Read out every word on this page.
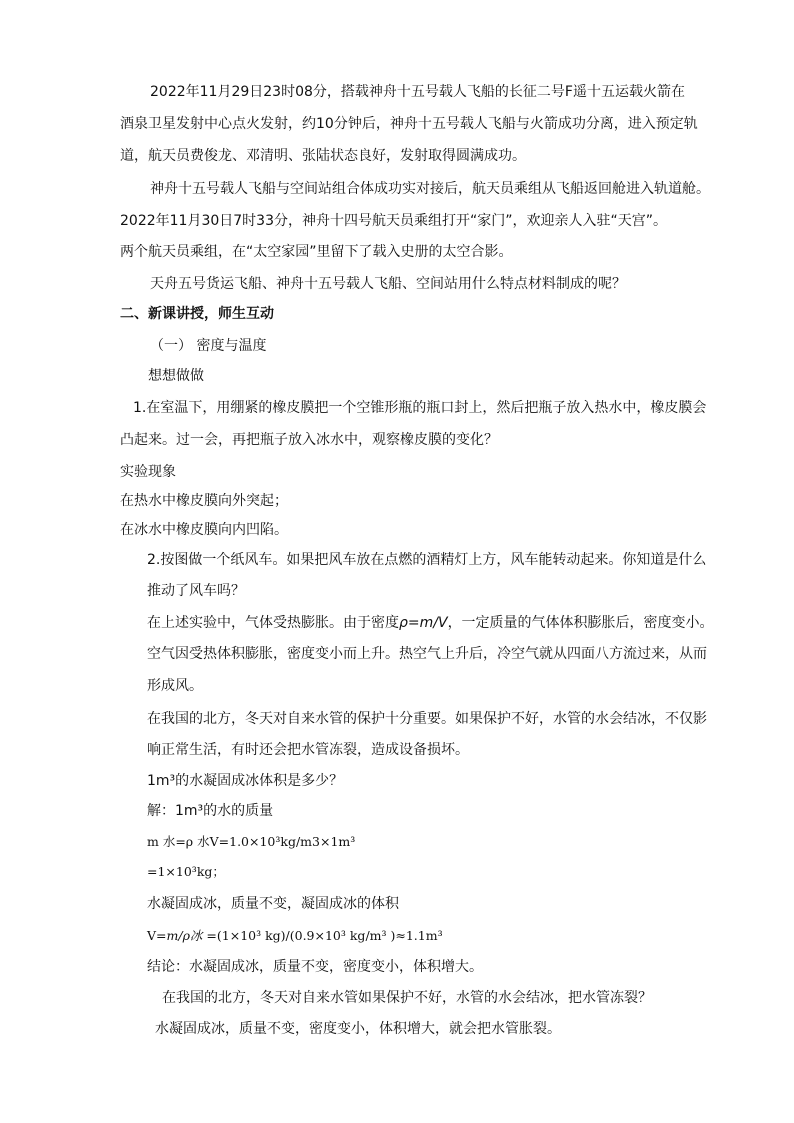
2022年11月29日23时08分，搭载神舟十五号载人飞船的长征二号F遥十五运载火箭在

酒泉卫星发射中心点火发射，约10分钟后，神舟十五号载人飞船与火箭成功分离，进入预定轨

道，航天员费俊龙、邓清明、张陆状态良好，发射取得圆满成功。

神舟十五号载人飞船与空间站组合体成功实对接后，航天员乘组从飞船返回舱进入轨道舱。

2022年11月30日7时33分，神舟十四号航天员乘组打开“家门”，欢迎亲人入驻“天宫”。

两个航天员乘组，在“太空家园”里留下了载入史册的太空合影。

天舟五号货运飞船、神舟十五号载人飞船、空间站用什么特点材料制成的呢？

二、新课讲授，师生互动

（一） 密度与温度

想想做做

1.在室温下，用绷紧的橡皮膜把一个空锥形瓶的瓶口封上，然后把瓶子放入热水中，橡皮膜会

凸起来。过一会，再把瓶子放入冰水中，观察橡皮膜的变化？

实验现象

在热水中橡皮膜向外突起；

在冰水中橡皮膜向内凹陷。

2.按图做一个纸风车。如果把风车放在点燃的酒精灯上方，风车能转动起来。你知道是什么

推动了风车吗？

在上述实验中，气体受热膨胀。由于密度ρ=m/V，一定质量的气体体积膨胀后，密度变小。

空气因受热体积膨胀，密度变小而上升。热空气上升后，冷空气就从四面八方流过来，从而

形成风。

在我国的北方，冬天对自来水管的保护十分重要。如果保护不好，水管的水会结冰，不仅影

响正常生活，有时还会把水管冻裂，造成设备损坏。

1m³的水凝固成冰体积是多少？

解：1m³的水的质量

m 水=ρ 水V=1.0×10³kg/m3×1m³

=1×10³kg；

水凝固成冰，质量不变，凝固成冰的体积

V=m/ρ冰 =(1×10³ kg)/(0.9×10³ kg/m³ )≈1.1m³

结论：水凝固成冰，质量不变，密度变小，体积增大。

在我国的北方，冬天对自来水管如果保护不好，水管的水会结冰，把水管冻裂？

水凝固成冰，质量不变，密度变小，体积增大，就会把水管胀裂。
